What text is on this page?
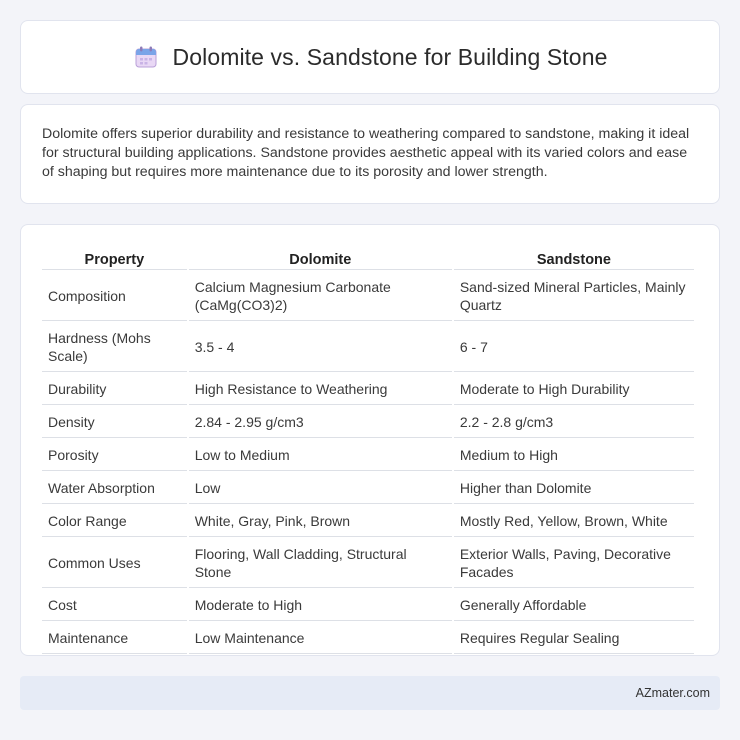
Dolomite vs. Sandstone for Building Stone

Dolomite offers superior durability and resistance to weathering compared to sandstone, making it ideal for structural building applications. Sandstone provides aesthetic appeal with its varied colors and ease of shaping but requires more maintenance due to its porosity and lower strength.

Property	Dolomite	Sandstone
Composition	Calcium Magnesium Carbonate (CaMg(CO3)2)	Sand-sized Mineral Particles, Mainly Quartz
Hardness (Mohs Scale)	3.5 - 4	6 - 7
Durability	High Resistance to Weathering	Moderate to High Durability
Density	2.84 - 2.95 g/cm3	2.2 - 2.8 g/cm3
Porosity	Low to Medium	Medium to High
Water Absorption	Low	Higher than Dolomite
Color Range	White, Gray, Pink, Brown	Mostly Red, Yellow, Brown, White
Common Uses	Flooring, Wall Cladding, Structural Stone	Exterior Walls, Paving, Decorative Facades
Cost	Moderate to High	Generally Affordable
Maintenance	Low Maintenance	Requires Regular Sealing
AZmater.com
